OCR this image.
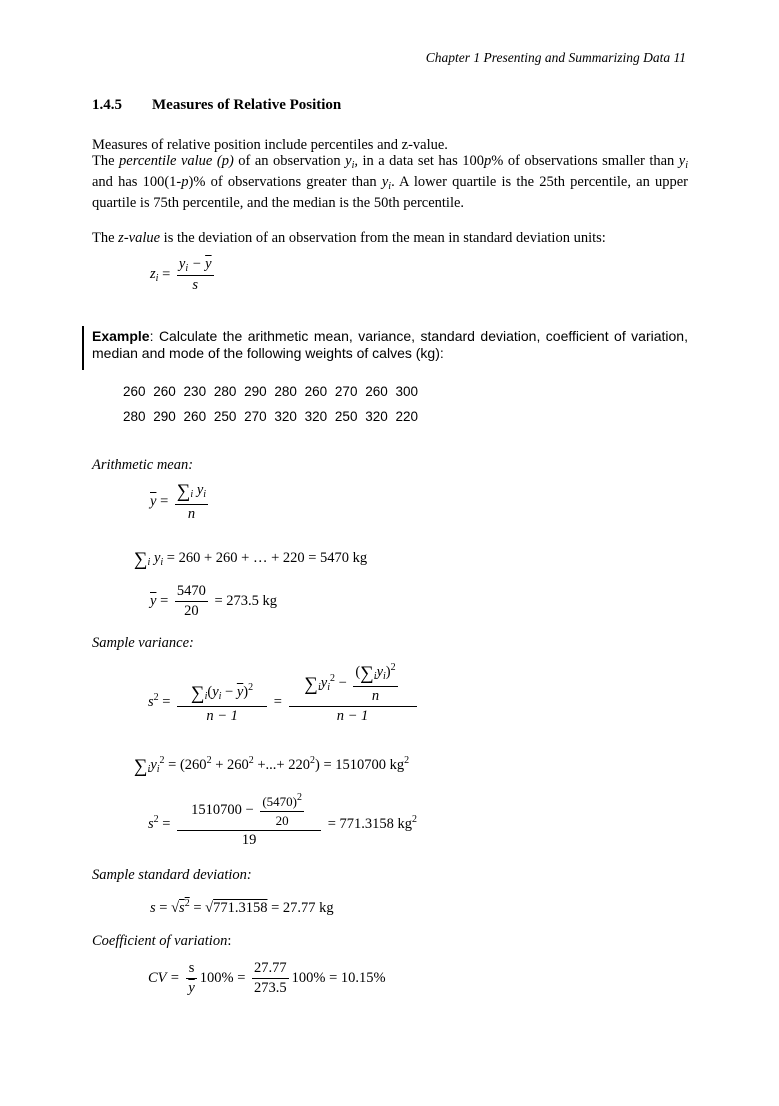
Chapter 1 Presenting and Summarizing Data 11
1.4.5 Measures of Relative Position
Measures of relative position include percentiles and z-value.
The percentile value (p) of an observation $y_i$, in a data set has 100p% of observations smaller than $y_i$ and has 100(1-p)% of observations greater than $y_i$. A lower quartile is the 25th percentile, an upper quartile is 75th percentile, and the median is the 50th percentile.
The z-value is the deviation of an observation from the mean in standard deviation units:
$z_i = \frac{y_i - \overline{y}}{s}$
Example: Calculate the arithmetic mean, variance, standard deviation, coefficient of variation, median and mode of the following weights of calves (kg):
260 260 230 280 290 280 260 270 260 300
280 290 260 250 270 320 320 250 320 220
Arithmetic mean:
$\overline{y} = \frac{\sum_i y_i}{n}$
$\sum_i$ $y_i = 260 + 260$ + … + 220 = 5470 kg
$\overline{y} = \frac{5470}{20} = 273.5$ kg
Sample variance:
$s^2 = \frac{\sum_i(y_i - \overline{y})^2}{n - 1} = \frac{\sum_iy_i^2 - \frac{(\sum_iy_i)^2}{n}}{n - 1}$
$\sum_iy_i^2 = (260^2 + 260^2$ +...+ $220^2) = 1510700$ $kg^2$
$s^2 = \frac{1510700 - \frac{(5470)^2}{20}}{19} = 771.3158$ $kg^2$
Sample standard deviation:
$s = √s^2 = √771.3158 = 27.77$ kg
Coefficient of variation:
CV = $\frac{s}{y} 100\% = \frac{27.77}{273.5} 100\% = 10.15\%$
